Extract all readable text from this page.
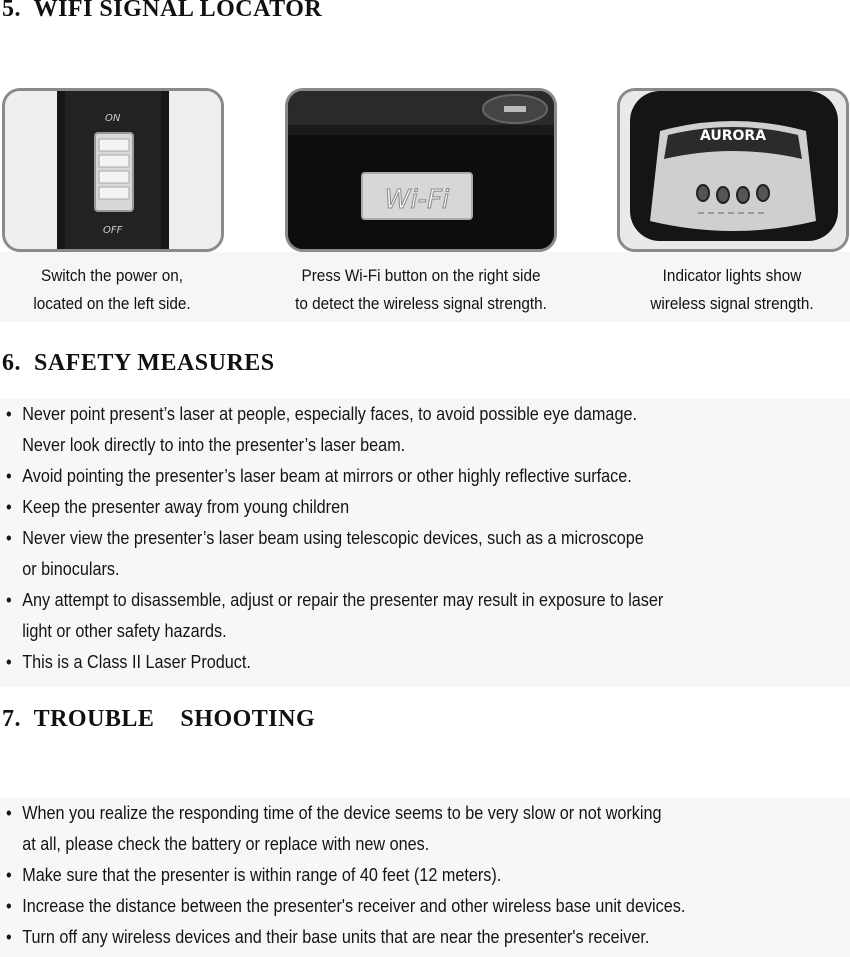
5.  WIFI SIGNAL LOCATOR
ON
OFF
Wi-Fi
AURORA
Switch the power on,
located on the left side.
Press Wi-Fi button on the right side
to detect the wireless signal strength.
Indicator lights show
wireless signal strength.
6.  SAFETY MEASURES
• Never point present’s laser at people, especially faces, to avoid possible eye damage.
Never look directly to into the presenter’s laser beam.
• Avoid pointing the presenter’s laser beam at mirrors or other highly reflective surface.
• Keep the presenter away from young children
• Never view the presenter’s laser beam using telescopic devices, such as a microscope
or binoculars.
• Any attempt to disassemble, adjust or repair the presenter may result in exposure to laser
light or other safety hazards.
• This is a Class II Laser Product.
7.  TROUBLE    SHOOTING
• When you realize the responding time of the device seems to be very slow or not working
at all, please check the battery or replace with new ones.
• Make sure that the presenter is within range of 40 feet (12 meters).
• Increase the distance between the presenter's receiver and other wireless base unit devices.
• Turn off any wireless devices and their base units that are near the presenter's receiver.
